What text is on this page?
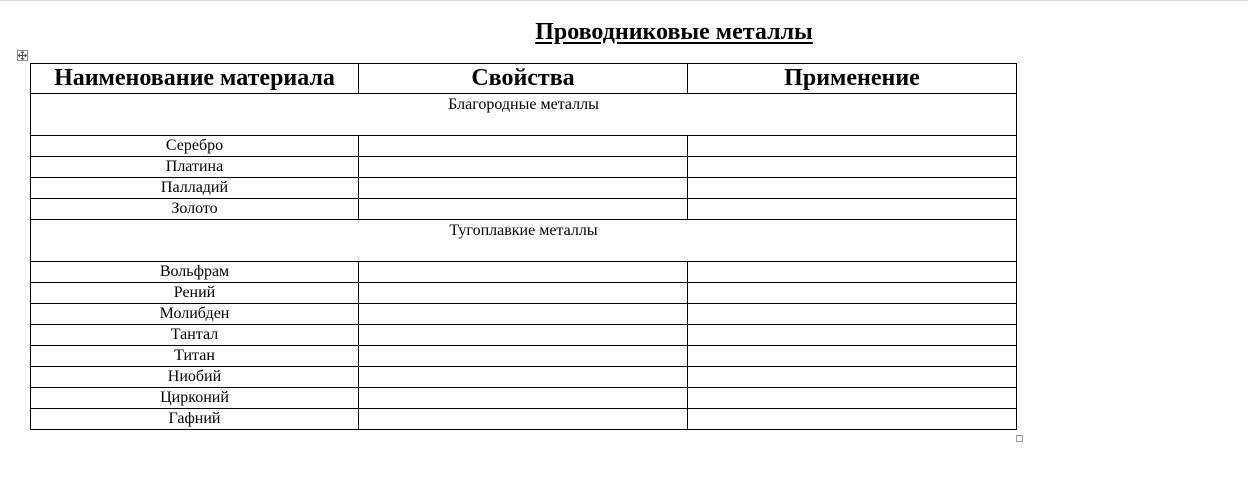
Проводниковые металлы
Наименование материала	Свойства	Применение
Благородные металлы		
Серебро		
Платина		
Палладий		
Золото		
Тугоплавкие металлы		
Вольфрам		
Рений		
Молибден		
Тантал		
Титан		
Ниобий		
Цирконий		
Гафний		
